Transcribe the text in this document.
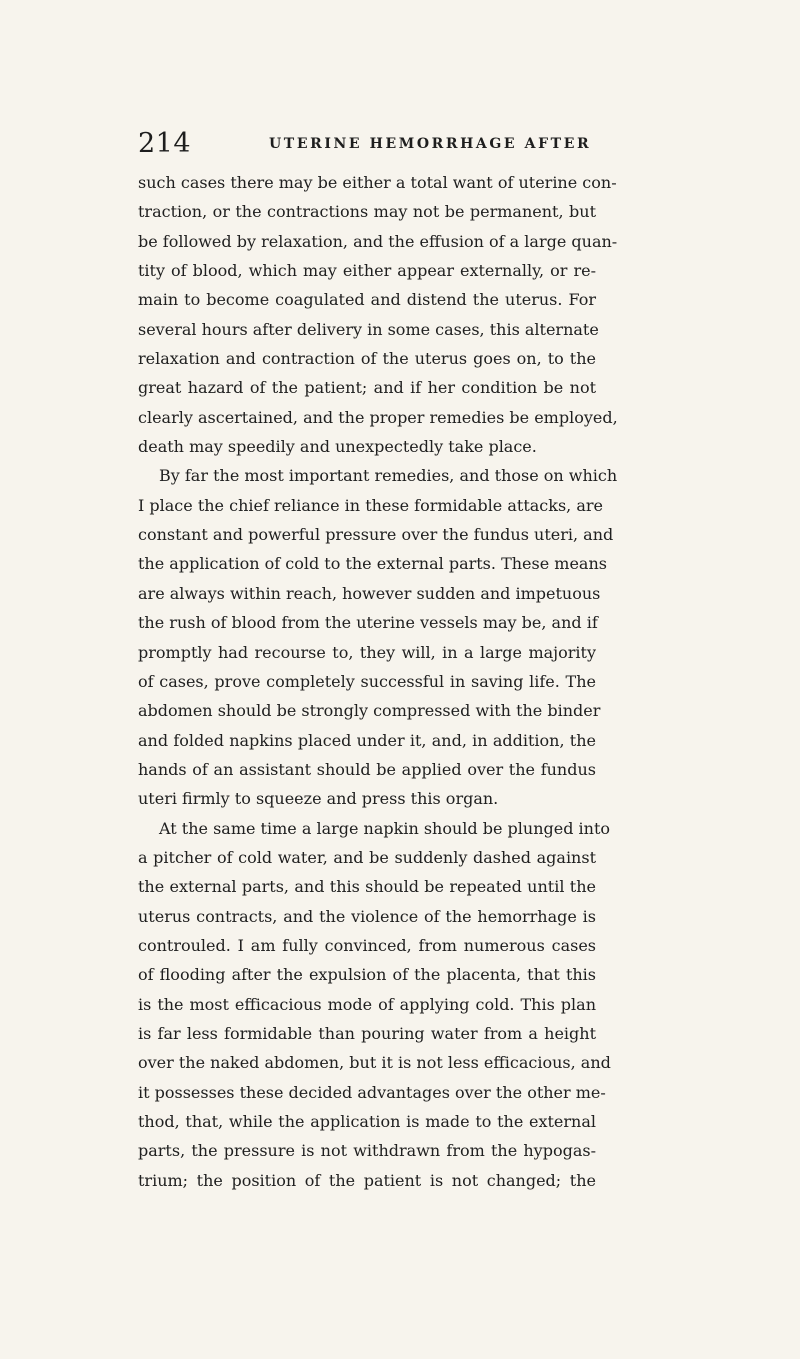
214	UTERINE HEMORRHAGE AFTER
such cases there may be either a total want of uterine con-
traction, or the contractions may not be permanent, but
be followed by relaxation, and the effusion of a large quan-
tity of blood, which may either appear externally, or re-
main to become coagulated and distend the uterus. For
several hours after delivery in some cases, this alternate
relaxation and contraction of the uterus goes on, to the
great hazard of the patient; and if her condition be not
clearly ascertained, and the proper remedies be employed,
death may speedily and unexpectedly take place.
By far the most important remedies, and those on which
I place the chief reliance in these formidable attacks, are
constant and powerful pressure over the fundus uteri, and
the application of cold to the external parts. These means
are always within reach, however sudden and impetuous
the rush of blood from the uterine vessels may be, and if
promptly had recourse to, they will, in a large majority
of cases, prove completely successful in saving life. The
abdomen should be strongly compressed with the binder
and folded napkins placed under it, and, in addition, the
hands of an assistant should be applied over the fundus
uteri firmly to squeeze and press this organ.
At the same time a large napkin should be plunged into
a pitcher of cold water, and be suddenly dashed against
the external parts, and this should be repeated until the
uterus contracts, and the violence of the hemorrhage is
controuled. I am fully convinced, from numerous cases
of flooding after the expulsion of the placenta, that this
is the most efficacious mode of applying cold. This plan
is far less formidable than pouring water from a height
over the naked abdomen, but it is not less efficacious, and
it possesses these decided advantages over the other me-
thod, that, while the application is made to the external
parts, the pressure is not withdrawn from the hypogas-
trium; the position of the patient is not changed; the
